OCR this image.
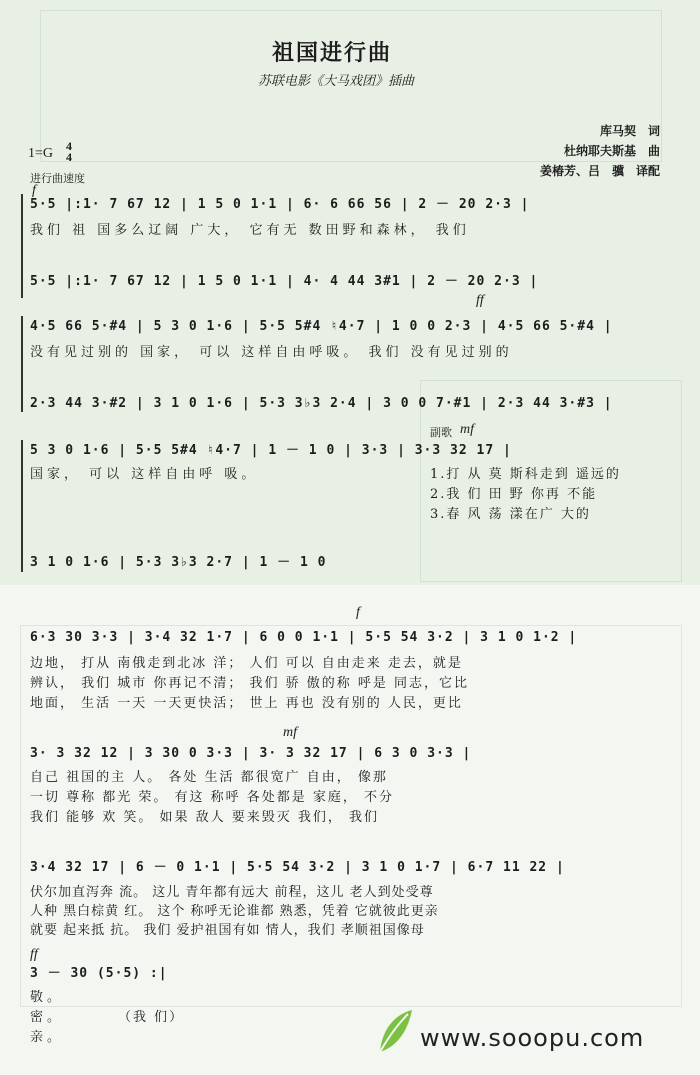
祖国进行曲
苏联电影《大马戏团》插曲
库马契　词
杜纳耶夫斯基　曲
姜椿芳、吕　骥　译配
1=G 4
4
进行曲速度
f
5·5 |:1· 7 67 12 | 1 5 0 1·1 | 6· 6 66 56 | 2 － 20 2·3 |
我们 祖 国多么辽阔 广大， 它有无 数田野和森林， 我们
5·5 |:1· 7 67 12 | 1 5 0 1·1 | 4· 4 44 3#1 | 2 － 20 2·3 |
ff
4·5 66 5·#4 | 5 3 0 1·6 | 5·5 5#4 ♮4·7 | 1 0 0 2·3 | 4·5 66 5·#4 |
没有见过别的 国家， 可以 这样自由呼吸。 我们 没有见过别的
2·3 44 3·#2 | 3 1 0 1·6 | 5·3 3♭3 2·4 | 3 0 0 7·#1 | 2·3 44 3·#3 |
副歌 mf
5 3 0 1·6 | 5·5 5#4 ♮4·7 | 1 － 1 0 | 3·3 | 3·3 32 17 |
国家， 可以 这样自由呼 吸。	1.打 从 莫 斯科走到 遥远的
2.我 们 田 野 你再 不能
3.春 风 荡 漾在广 大的
3 1 0 1·6 | 5·3 3♭3 2·7 | 1 － 1 0
f
6·3 30 3·3 | 3·4 32 1·7 | 6 0 0 1·1 | 5·5 54 3·2 | 3 1 0 1·2 |
边地， 打从 南俄走到北冰 洋； 人们 可以 自由走来 走去，就是
辨认， 我们 城市 你再记不清； 我们 骄 傲的称 呼是 同志，它比
地面， 生活 一天 一天更快活； 世上 再也 没有别的 人民，更比
mf
3· 3 32 12 | 3 30 0 3·3 | 3· 3 32 17 | 6 3 0 3·3 |
自己 祖国的主 人。 各处 生活 都很宽广 自由， 像那
一切 尊称 都光 荣。 有这 称呼 各处都是 家庭， 不分
我们 能够 欢 笑。 如果 敌人 要来毁灭 我们， 我们
3·4 32 17 | 6 － 0 1·1 | 5·5 54 3·2 | 3 1 0 1·7 | 6·7 11 22 |
伏尔加直泻奔 流。 这儿 青年都有远大 前程，这儿 老人到处受尊
人种 黑白棕黄 红。 这个 称呼无论谁都 熟悉，凭着 它就彼此更亲
就要 起来抵 抗。 我们 爱护祖国有如 情人，我们 孝顺祖国像母
ff
3 － 30 (5·5) :|
敬。
密。	（我 们）
亲。	www.sooopu.com
